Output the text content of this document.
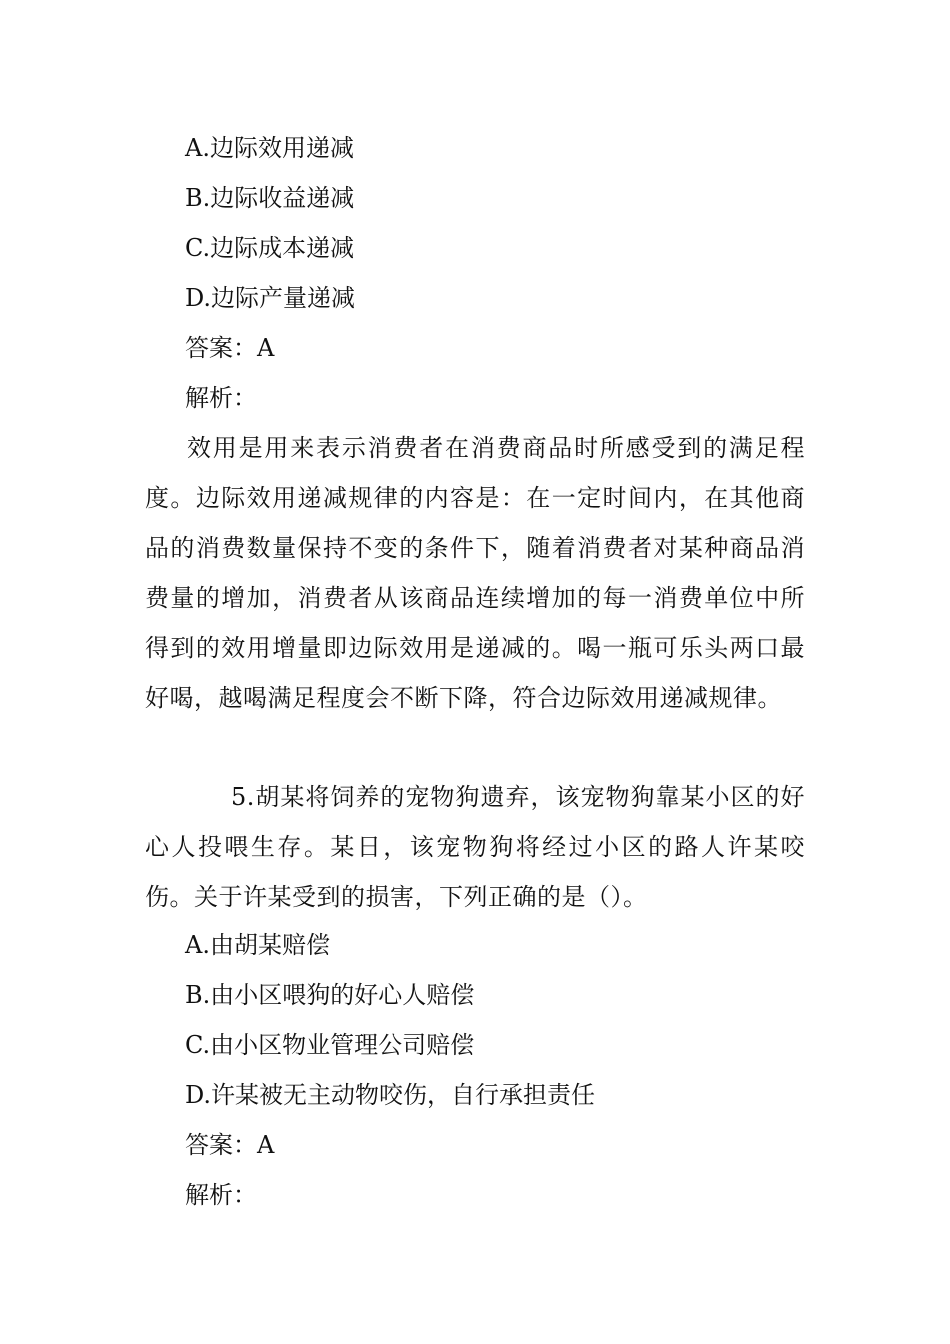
A.边际效用递减
B.边际收益递减
C.边际成本递减
D.边际产量递减
答案：A
解析：
效用是用来表示消费者在消费商品时所感受到的满足程度。边际效用递减规律的内容是：在一定时间内，在其他商品的消费数量保持不变的条件下，随着消费者对某种商品消费量的增加，消费者从该商品连续增加的每一消费单位中所得到的效用增量即边际效用是递减的。喝一瓶可乐头两口最好喝，越喝满足程度会不断下降，符合边际效用递减规律。
5.胡某将饲养的宠物狗遗弃，该宠物狗靠某小区的好心人投喂生存。某日，该宠物狗将经过小区的路人许某咬伤。关于许某受到的损害，下列正确的是（）。
A.由胡某赔偿
B.由小区喂狗的好心人赔偿
C.由小区物业管理公司赔偿
D.许某被无主动物咬伤，自行承担责任
答案：A
解析：
